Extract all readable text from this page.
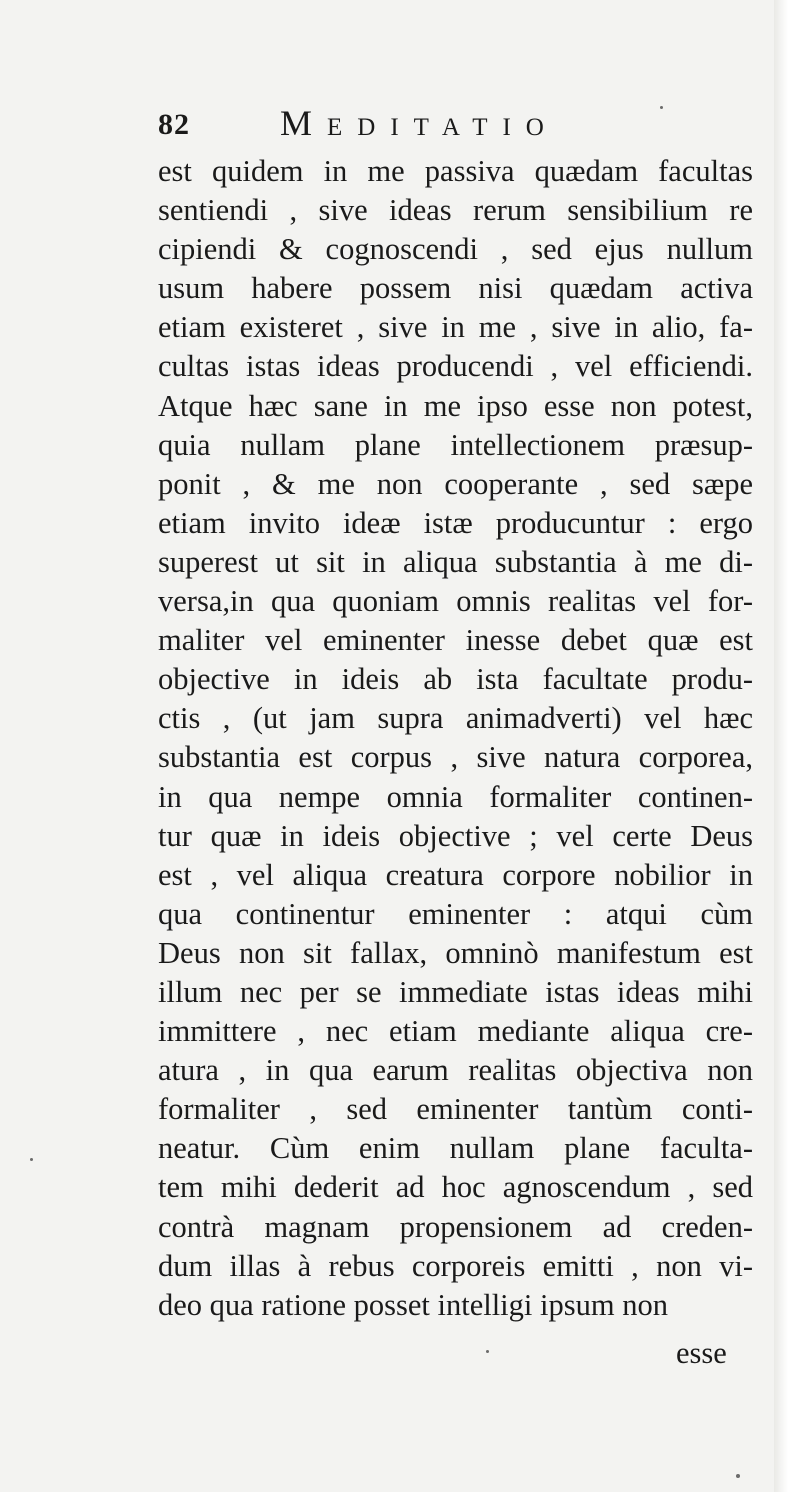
82	Meditatio
est quidem in me passiva quædam facultas
sentiendi , sive ideas rerum sensibilium re
cipiendi & cognoscendi , sed ejus nullum
usum habere possem nisi quædam activa
etiam existeret , sive in me , sive in alio, fa-
cultas istas ideas producendi , vel efficiendi.
Atque hæc sane in me ipso esse non potest,
quia nullam plane intellectionem præsup-
ponit , & me non cooperante , sed sæpe
etiam invito ideæ istæ producuntur : ergo
superest ut sit in aliqua substantia à me di-
versa,in qua quoniam omnis realitas vel for-
maliter vel eminenter inesse debet quæ est
objective in ideis ab ista facultate produ-
ctis , (ut jam supra animadverti) vel hæc
substantia est corpus , sive natura corporea,
in qua nempe omnia formaliter continen-
tur quæ in ideis objective ; vel certe Deus
est , vel aliqua creatura corpore nobilior in
qua continentur eminenter : atqui cùm
Deus non sit fallax, omninò manifestum est
illum nec per se immediate istas ideas mihi
immittere , nec etiam mediante aliqua cre-
atura , in qua earum realitas objectiva non
formaliter , sed eminenter tantùm conti-
neatur. Cùm enim nullam plane faculta-
tem mihi dederit ad hoc agnoscendum , sed
contrà magnam propensionem ad creden-
dum illas à rebus corporeis emitti , non vi-
deo qua ratione posset intelligi ipsum non
esse
